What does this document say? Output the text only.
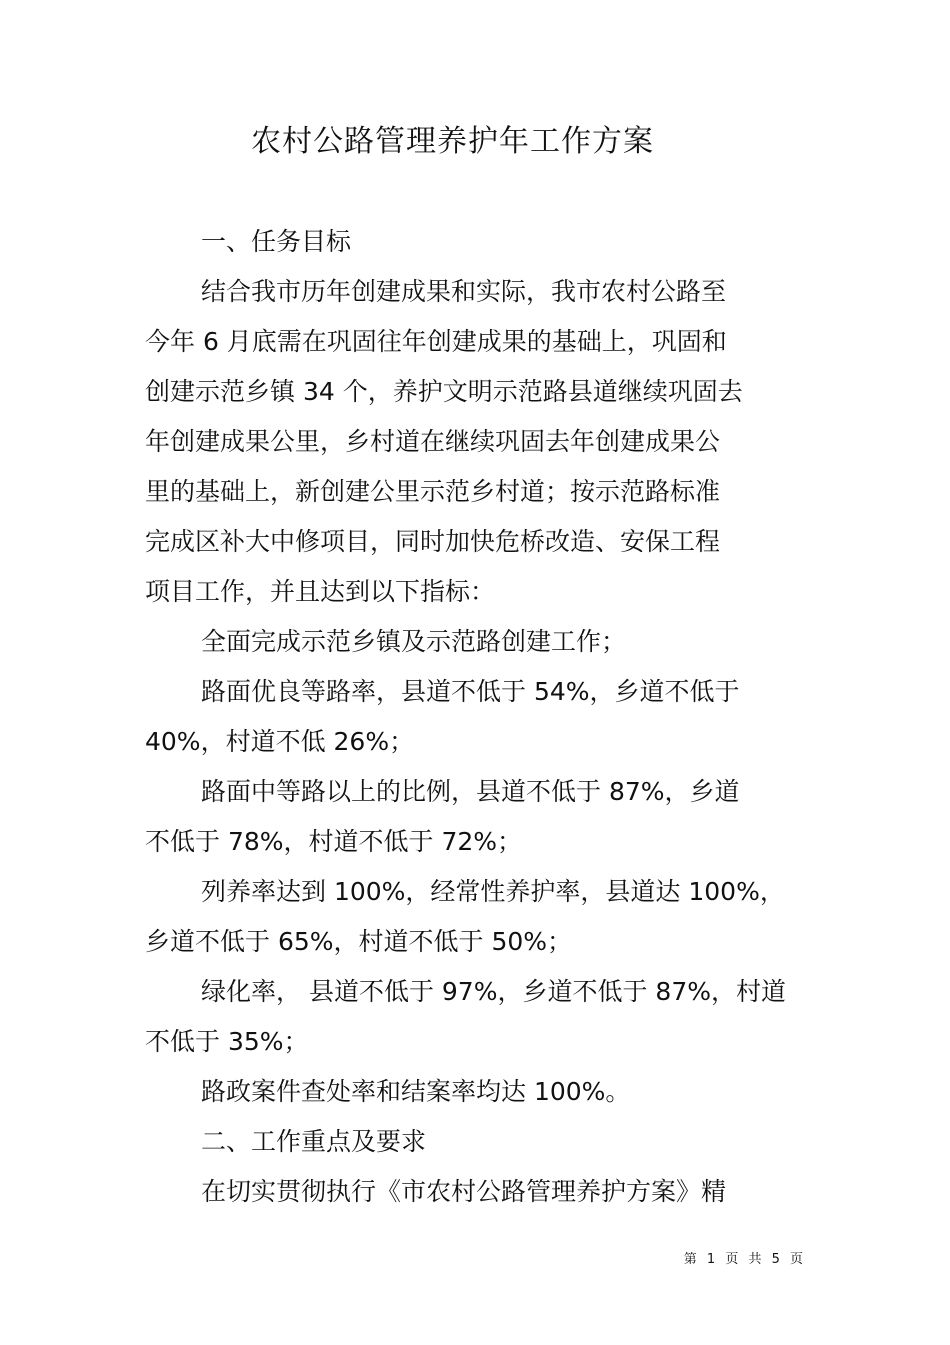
农村公路管理养护年工作方案
一、任务目标
结合我市历年创建成果和实际，我市农村公路至
今年 6 月底需在巩固往年创建成果的基础上，巩固和
创建示范乡镇 34 个，养护文明示范路县道继续巩固去
年创建成果公里，乡村道在继续巩固去年创建成果公
里的基础上，新创建公里示范乡村道；按示范路标准
完成区补大中修项目，同时加快危桥改造、安保工程
项目工作，并且达到以下指标：
全面完成示范乡镇及示范路创建工作；
路面优良等路率，县道不低于 54%，乡道不低于
40%，村道不低 26%；
路面中等路以上的比例，县道不低于 87%，乡道
不低于 78%，村道不低于 72%；
列养率达到 100%，经常性养护率，县道达 100%，
乡道不低于 65%，村道不低于 50%；
绿化率， 县道不低于 97%，乡道不低于 87%，村道
不低于 35%；
路政案件查处率和结案率均达 100%。
二、工作重点及要求
在切实贯彻执行《市农村公路管理养护方案》精
第 1 页 共 5 页
